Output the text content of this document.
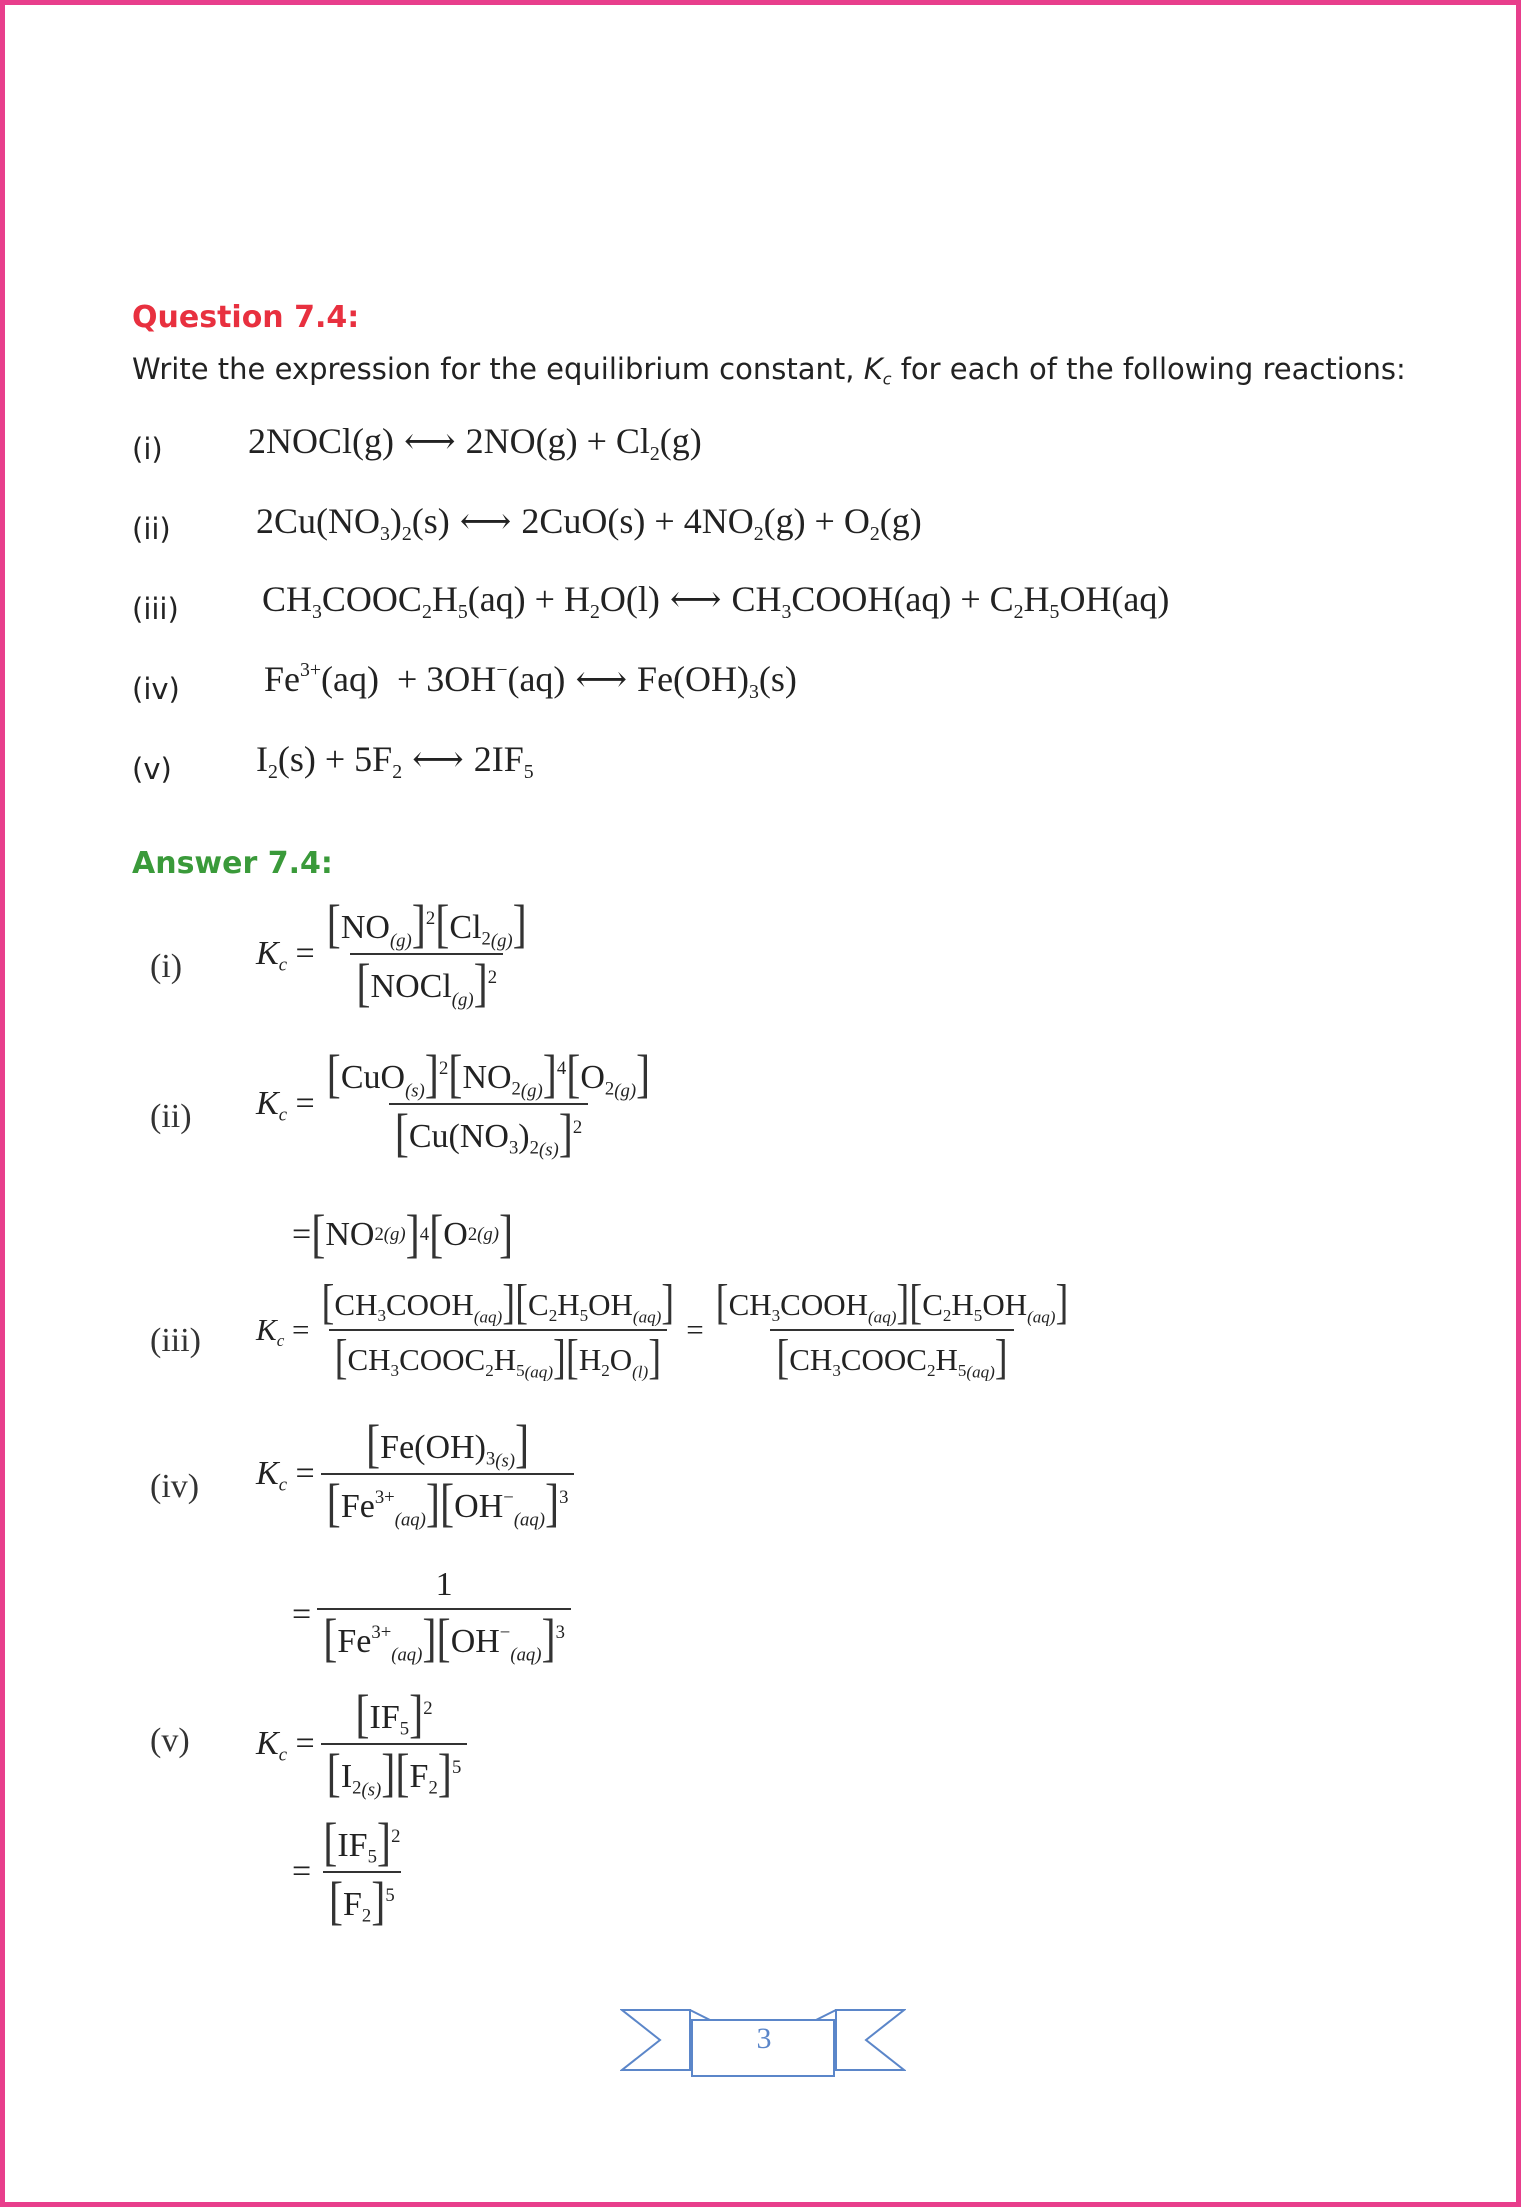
Question 7.4:
Write the expression for the equilibrium constant, $K_c$ for each of the following reactions:
(i) 2NOCl(g) ⟷ $2NO(g) + Cl_2(g)$
(ii) $2Cu(NO_3)_2(s)$ ⟷ $2CuO(s) + 4NO_2(g) + O_2(g)$
(iii) $CH_3COOC_2H_5(aq) + H_2O(l)$ ⟷ $CH_3COOH(aq) + C_2H_5OH(aq)$
(iv) $Fe^{3+}(aq) + 3OH^-(aq)$ ⟷ $Fe(OH)_3(s)$
(v) $I_2(s) + 5F_2$ ⟷ $2IF_5$
Answer 7.4:
(i) $K_c = \frac{[NO_{(g)}]^2[Cl_{2(g)}]}{[NOCl_{(g)}]^2}$
(ii) $K_c = \frac{[CuO_{(s)}]^2[NO_{2(g)}]^4[O_{2(g)}]}{[Cu(NO_3)_{2(s)}]^2}$
= [ NO 2 (g) ] 4 [ O 2 (g) ]
(iii) $K_c = \frac{[CH_3COOH_{(aq)}][C_2H_5OH_{(aq)}]}{[CH_3COOC_2H_{5(aq)}][H_2O_{(l)}]} = \frac{[CH_3COOH_{(aq)}][C_2H_5OH_{(aq)}]}{[CH_3COOC_2H_{5(aq)}]}$
(iv) $K_c = \frac{[Fe(OH)_{3(s)}]}{[Fe^{3+}_{(aq)}][OH^-_{(aq)}]^3}$
= $\frac{1}{[Fe^{3+}_{(aq)}][OH^-_{(aq)}]^3}$
(v) $K_c = \frac{[IF_5]^2}{[I_{2(s)}][F_2]^5}$
= $\frac{[IF_5]^2}{[F_2]^5}$
3
